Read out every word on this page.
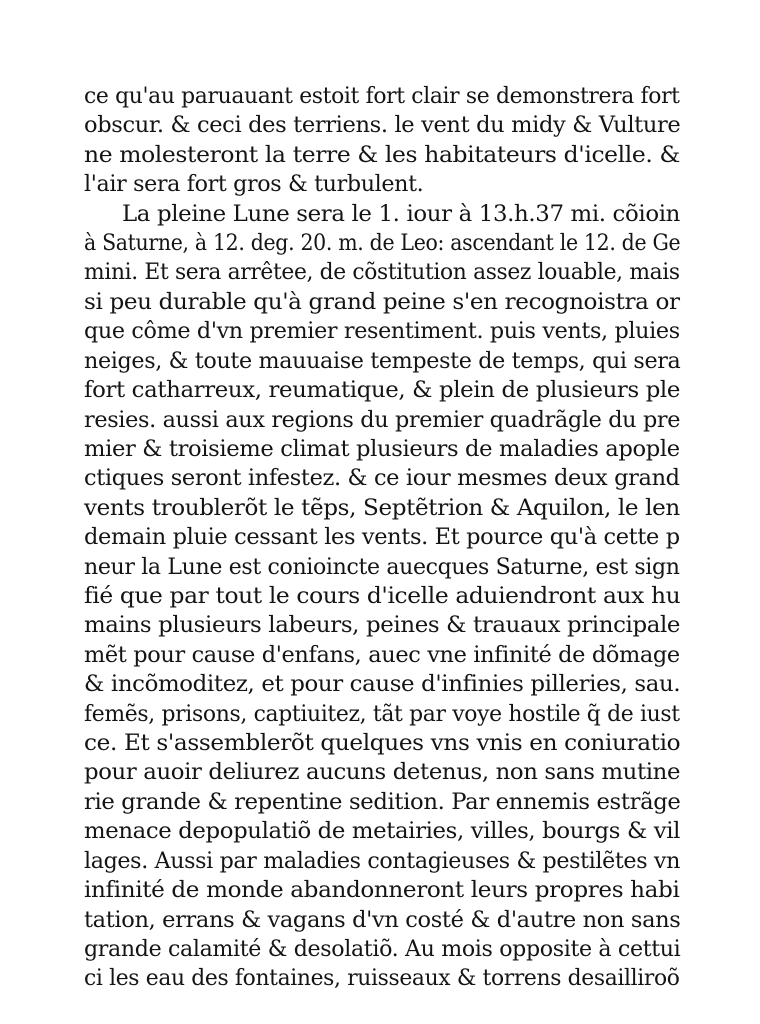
ce qu'au paruauant estoit fort clair se demonstrera fort
obscur. & ceci des terriens. le vent du midy & Vulture
ne molesteront la terre & les habitateurs d'icelle. &
l'air sera fort gros & turbulent.
La pleine Lune sera le 1. iour à 13.h.37 mi. cõioin
à Saturne, à 12. deg. 20. m. de Leo: ascendant le 12. de Ge
mini. Et sera arrêtee, de cõstitution assez louable, mais
si peu durable qu'à grand peine s'en recognoistra or
que côme d'vn premier resentiment. puis vents, pluies
neiges, & toute mauuaise tempeste de temps, qui sera
fort catharreux, reumatique, & plein de plusieurs ple
resies. aussi aux regions du premier quadrãgle du pre
mier & troisieme climat plusieurs de maladies apople
ctiques seront infestez. & ce iour mesmes deux grand
vents troublerõt le tẽps, Septẽtrion & Aquilon, le len
demain pluie cessant les vents. Et pource qu'à cette p
neur la Lune est conioincte auecques Saturne, est sign
fié que par tout le cours d'icelle aduiendront aux hu
mains plusieurs labeurs, peines & trauaux principale
mẽt pour cause d'enfans, auec vne infinité de dõmage
& incõmoditez, et pour cause d'infinies pilleries, sau.
femẽs, prisons, captiuitez, tãt par voye hostile q̃ de iust
ce. Et s'assemblerõt quelques vns vnis en coniuratio
pour auoir deliurez aucuns detenus, non sans mutine
rie grande & repentine sedition. Par ennemis estrãge
menace depopulatiõ de metairies, villes, bourgs & vil
lages. Aussi par maladies contagieuses & pestilẽtes vn
infinité de monde abandonneront leurs propres habi
tation, errans & vagans d'vn costé & d'autre non sans
grande calamité & desolatiõ. Au mois opposite à cettui
ci les eau des fontaines, ruisseaux & torrens desailliroõ
